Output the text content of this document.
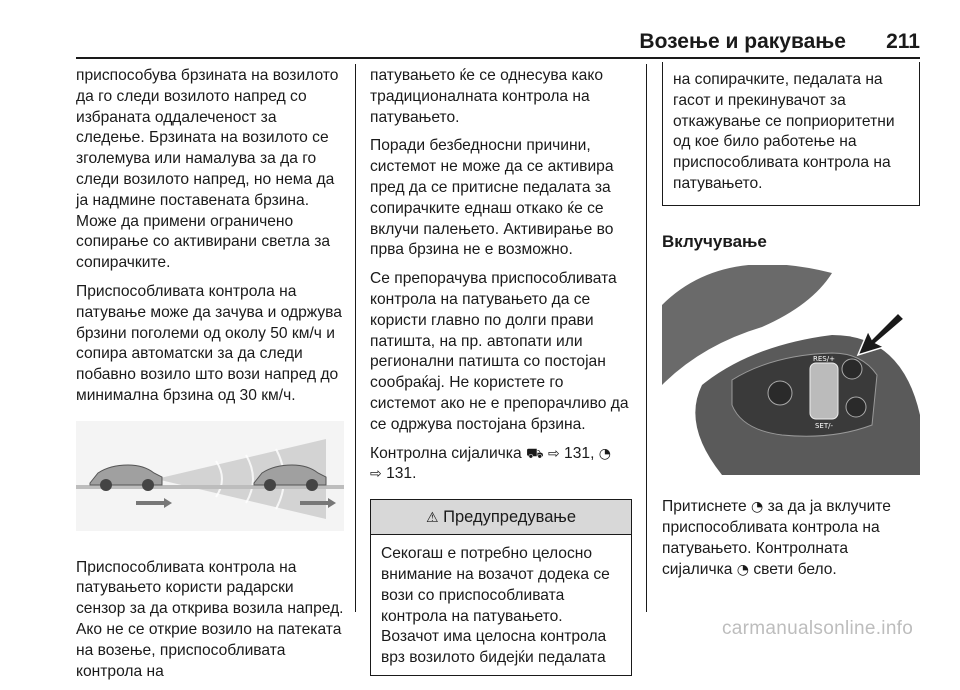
Возење и ракување 211

приспособува брзината на возилото да го следи возилото напред со избраната оддалеченост за следење. Брзината на возилото се зголемува или намалува за да го следи возилото напред, но нема да ја надмине поставената брзина. Може да примени ограничено сопирање со активирани светла за сопирачките.

Приспособливата контрола на патување може да зачува и одржува брзини поголеми од околу 50 км/ч и сопира автоматски за да следи побавно возило што вози напред до минимална брзина од 30 км/ч.

Приспособливата контрола на патувањето користи радарски сензор за да открива возила напред. Ако не се открие возило на патеката на возење, приспособливата контрола на

патувањето ќе се однесува како традиционалната контрола на патувањето.

Поради безбедносни причини, системот не може да се активира пред да се притисне педалата за сопирачките еднаш откако ќе се вклучи палењето. Активирање во прва брзина не е возможно.

Се препорачува приспособливата контрола на патувањето да се користи главно по долги прави патишта, на пр. автопати или регионални патишта со постојан сообраќај. Не користете го системот ако не е препорачливо да се одржува постојана брзина.

Контролна сијаличка ⛟ ⇨ 131, ◔
⇨ 131.

⚠ Предупредување
Секогаш е потребно целосно внимание на возачот додека се вози со приспособливата контрола на патувањето. Возачот има целосна контрола врз возилото бидејќи педалата
на сопирачките, педалата на гасот и прекинувачот за откажување се поприоритетни од кое било работење на приспособливата контрола на патувањето.
Вклучување
RES/+
SET/-

Притиснете ◔ за да ја вклучите приспособливата контрола на патувањето. Контролната сијаличка ◔ свети бело.

carmanualsonline.info
